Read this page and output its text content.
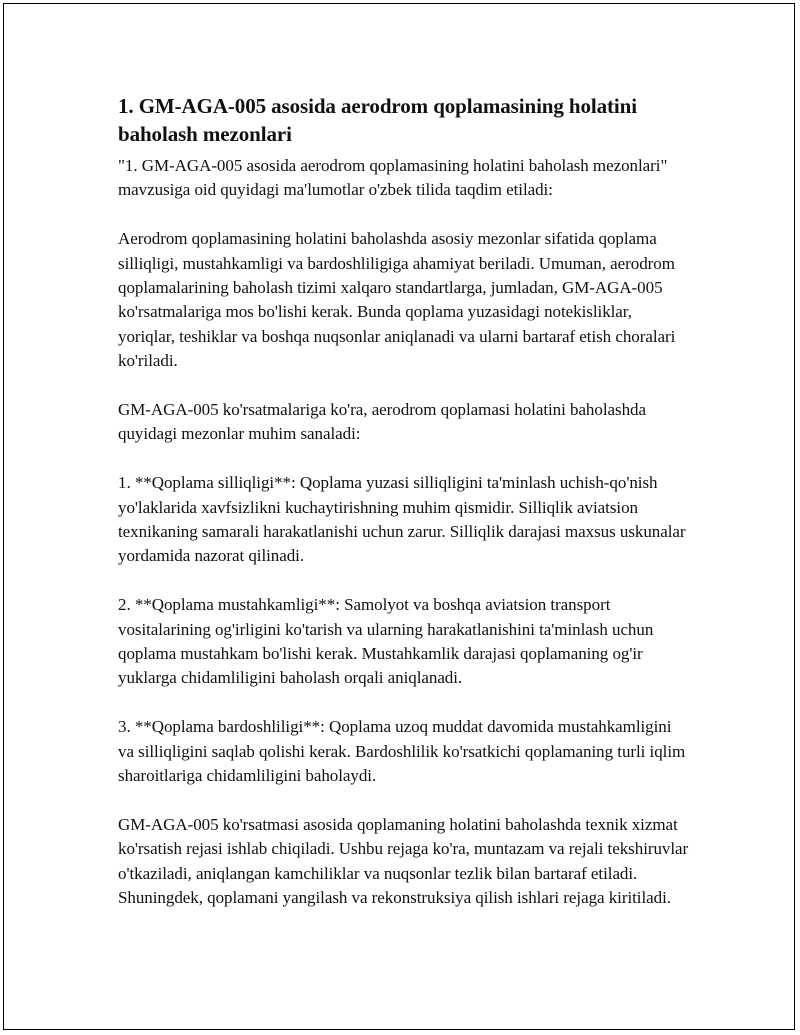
1. GM-AGA-005 asosida aerodrom qoplamasining holatini baholash mezonlari

"1. GM-AGA-005 asosida aerodrom qoplamasining holatini baholash mezonlari" mavzusiga oid quyidagi ma'lumotlar o'zbek tilida taqdim etiladi:

Aerodrom qoplamasining holatini baholashda asosiy mezonlar sifatida qoplama silliqligi, mustahkamligi va bardoshliligiga ahamiyat beriladi. Umuman, aerodrom qoplamalarining baholash tizimi xalqaro standartlarga, jumladan, GM-AGA-005 ko'rsatmalariga mos bo'lishi kerak. Bunda qoplama yuzasidagi notekisliklar, yoriqlar, teshiklar va boshqa nuqsonlar aniqlanadi va ularni bartaraf etish choralari ko'riladi.

GM-AGA-005 ko'rsatmalariga ko'ra, aerodrom qoplamasi holatini baholashda quyidagi mezonlar muhim sanaladi:

1. **Qoplama silliqligi**: Qoplama yuzasi silliqligini ta'minlash uchish-qo'nish yo'laklarida xavfsizlikni kuchaytirishning muhim qismidir. Silliqlik aviatsion texnikaning samarali harakatlanishi uchun zarur. Silliqlik darajasi maxsus uskunalar yordamida nazorat qilinadi.

2. **Qoplama mustahkamligi**: Samolyot va boshqa aviatsion transport vositalarining og'irligini ko'tarish va ularning harakatlanishini ta'minlash uchun qoplama mustahkam bo'lishi kerak. Mustahkamlik darajasi qoplamaning og'ir yuklarga chidamliligini baholash orqali aniqlanadi.

3. **Qoplama bardoshliligi**: Qoplama uzoq muddat davomida mustahkamligini va silliqligini saqlab qolishi kerak. Bardoshlilik ko'rsatkichi qoplamaning turli iqlim sharoitlariga chidamliligini baholaydi.

GM-AGA-005 ko'rsatmasi asosida qoplamaning holatini baholashda texnik xizmat ko'rsatish rejasi ishlab chiqiladi. Ushbu rejaga ko'ra, muntazam va rejali tekshiruvlar o'tkaziladi, aniqlangan kamchiliklar va nuqsonlar tezlik bilan bartaraf etiladi. Shuningdek, qoplamani yangilash va rekonstruksiya qilish ishlari rejaga kiritiladi.
